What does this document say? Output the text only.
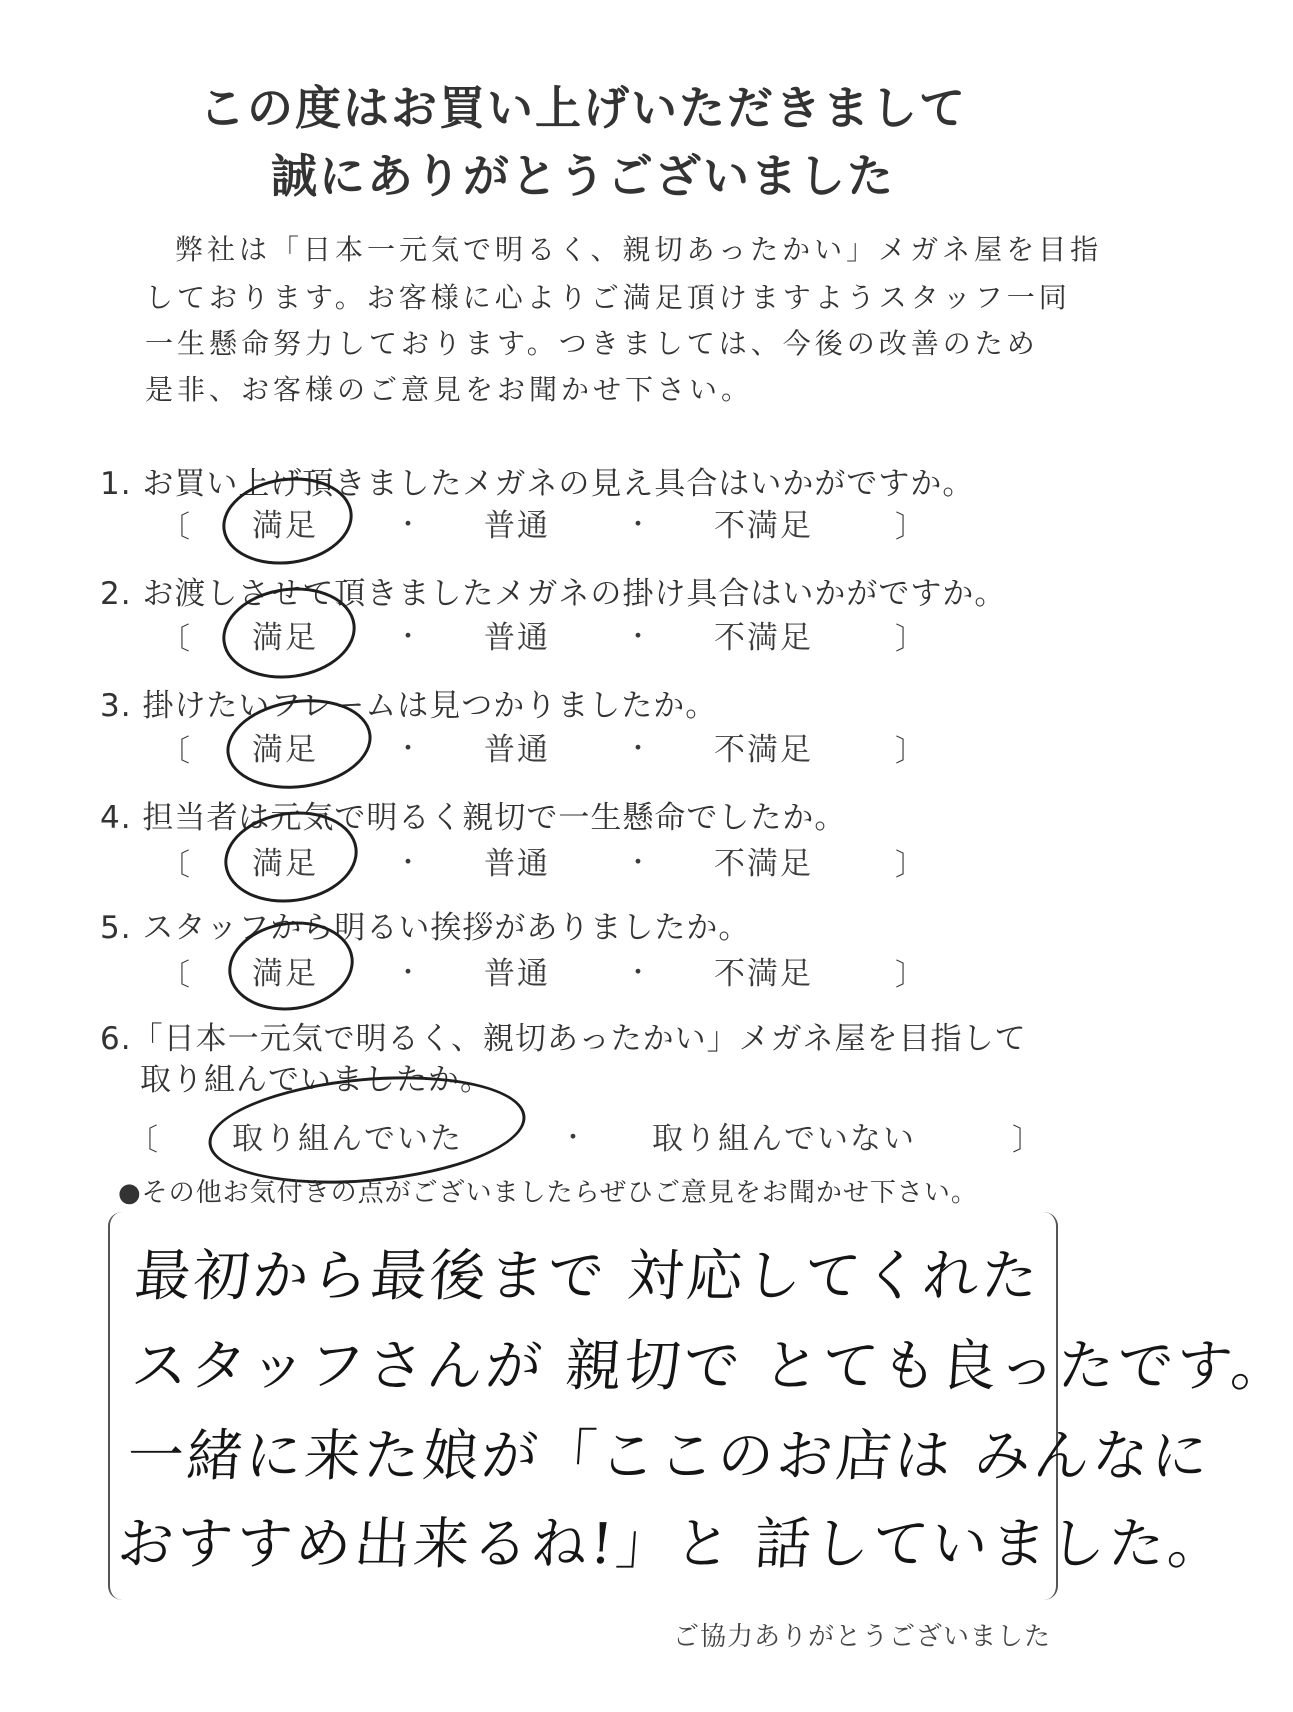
この度はお買い上げいただきまして
誠にありがとうございました
弊社は「日本一元気で明るく、親切あったかい」メガネ屋を目指
しております。お客様に心よりご満足頂けますようスタッフ一同
一生懸命努力しております。つきましては、今後の改善のため
是非、お客様のご意見をお聞かせ下さい。
1. お買い上げ頂きましたメガネの見え具合はいかがですか。
〔 満足	・ 普通	・ 不満足	〕
2. お渡しさせて頂きましたメガネの掛け具合はいかがですか。
〔 満足	・ 普通	・ 不満足	〕
3. 掛けたいフレームは見つかりましたか。
〔 満足	・ 普通	・ 不満足	〕
4. 担当者は元気で明るく親切で一生懸命でしたか。
〔 満足	・ 普通	・ 不満足	〕
5. スタッフから明るい挨拶がありましたか。
〔 満足	・ 普通	・ 不満足	〕
6.「日本一元気で明るく、親切あったかい」メガネ屋を目指して
取り組んでいましたか。
〔 取り組んでいた	・ 取り組んでいない	〕
●その他お気付きの点がございましたらぜひご意見をお聞かせ下さい。
最初から最後まで 対応してくれた
スタッフさんが 親切で とても良ったです。
一緒に来た娘が「ここのお店は みんなに
おすすめ出来るね!」と 話していました。
ご協力ありがとうございました
